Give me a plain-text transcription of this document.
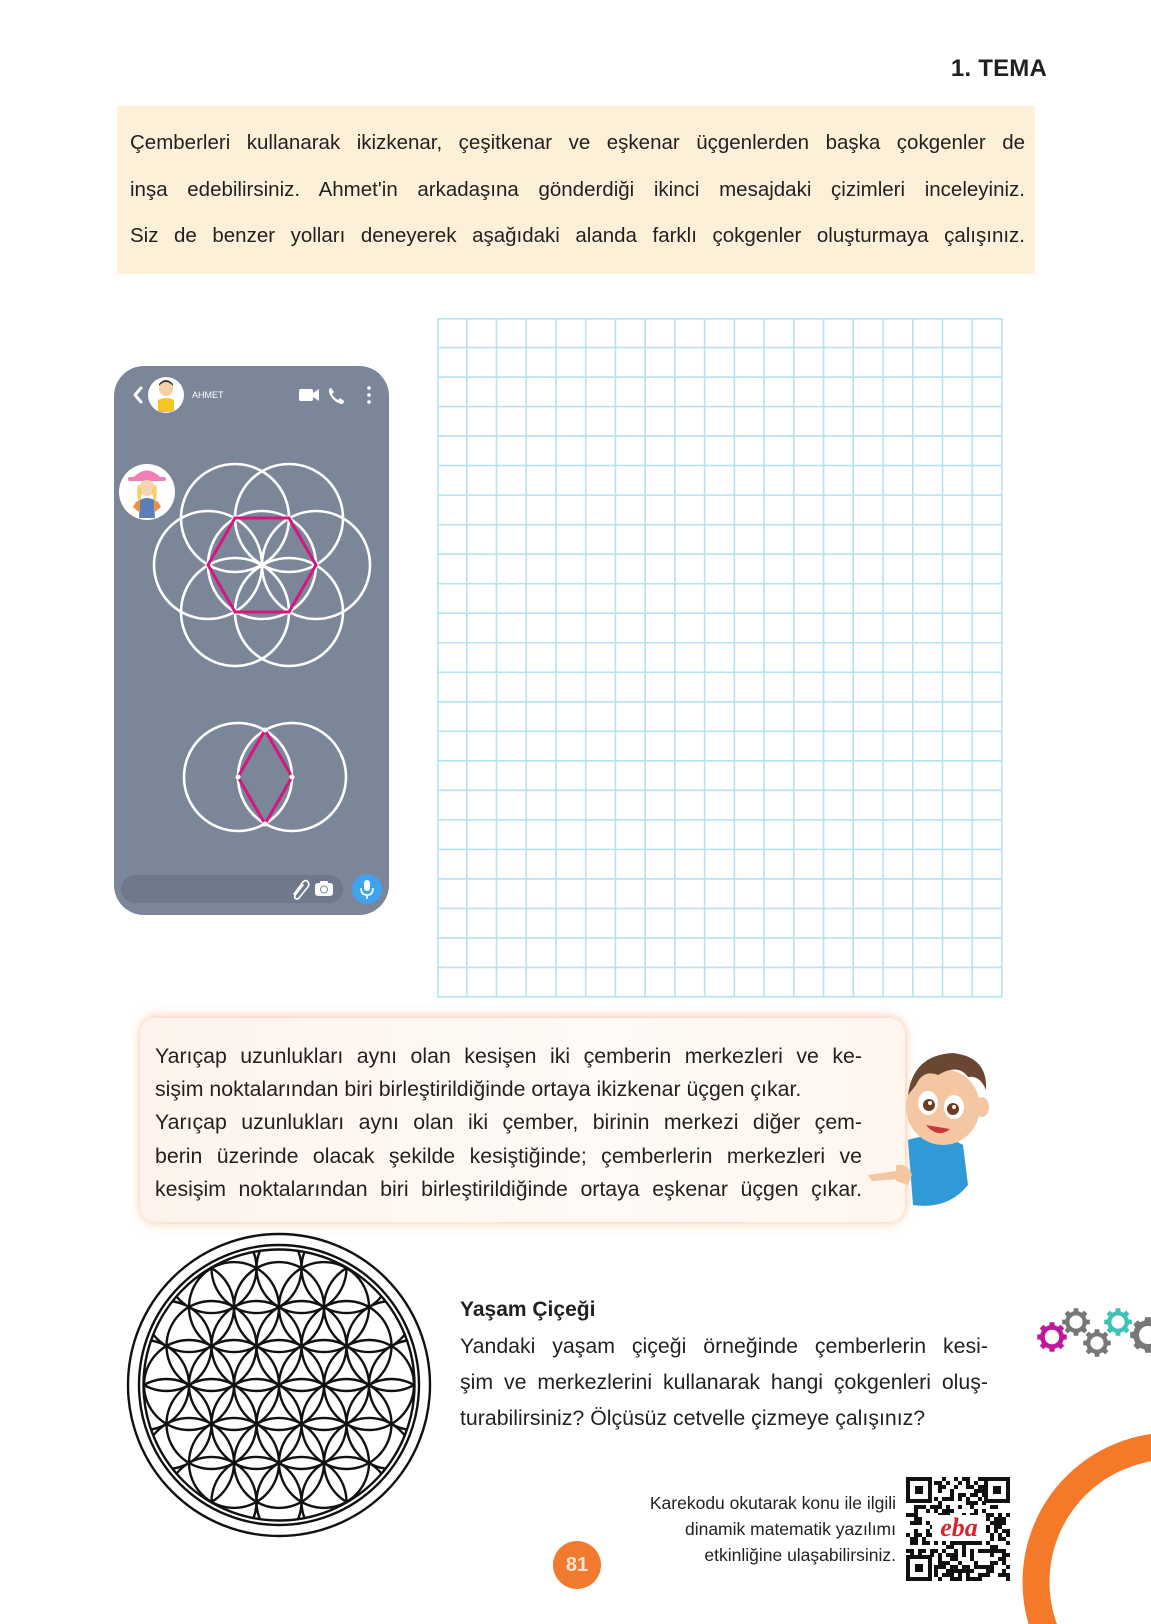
1. TEMA
Çemberleri kullanarak ikizkenar, çeşitkenar ve eşkenar üçgenlerden başka çokgenler de
inşa edebilirsiniz. Ahmet'in arkadaşına gönderdiği ikinci mesajdaki çizimleri inceleyiniz.
Siz de benzer yolları deneyerek aşağıdaki alanda farklı çokgenler oluşturmaya çalışınız.
AHMET
Yarıçap uzunlukları aynı olan kesişen iki çemberin merkezleri ve ke-
sişim noktalarından biri birleştirildiğinde ortaya ikizkenar üçgen çıkar.
Yarıçap uzunlukları aynı olan iki çember, birinin merkezi diğer çem-
berin üzerinde olacak şekilde kesiştiğinde; çemberlerin merkezleri ve
kesişim noktalarından biri birleştirildiğinde ortaya eşkenar üçgen çıkar.
Yaşam Çiçeği
Yandaki yaşam çiçeği örneğinde çemberlerin kesi-
şim ve merkezlerini kullanarak hangi çokgenleri oluş-
turabilirsiniz? Ölçüsüz cetvelle çizmeye çalışınız?
Karekodu okutarak konu ile ilgili
dinamik matematik yazılımı
etkinliğine ulaşabilirsiniz.
eba
81
